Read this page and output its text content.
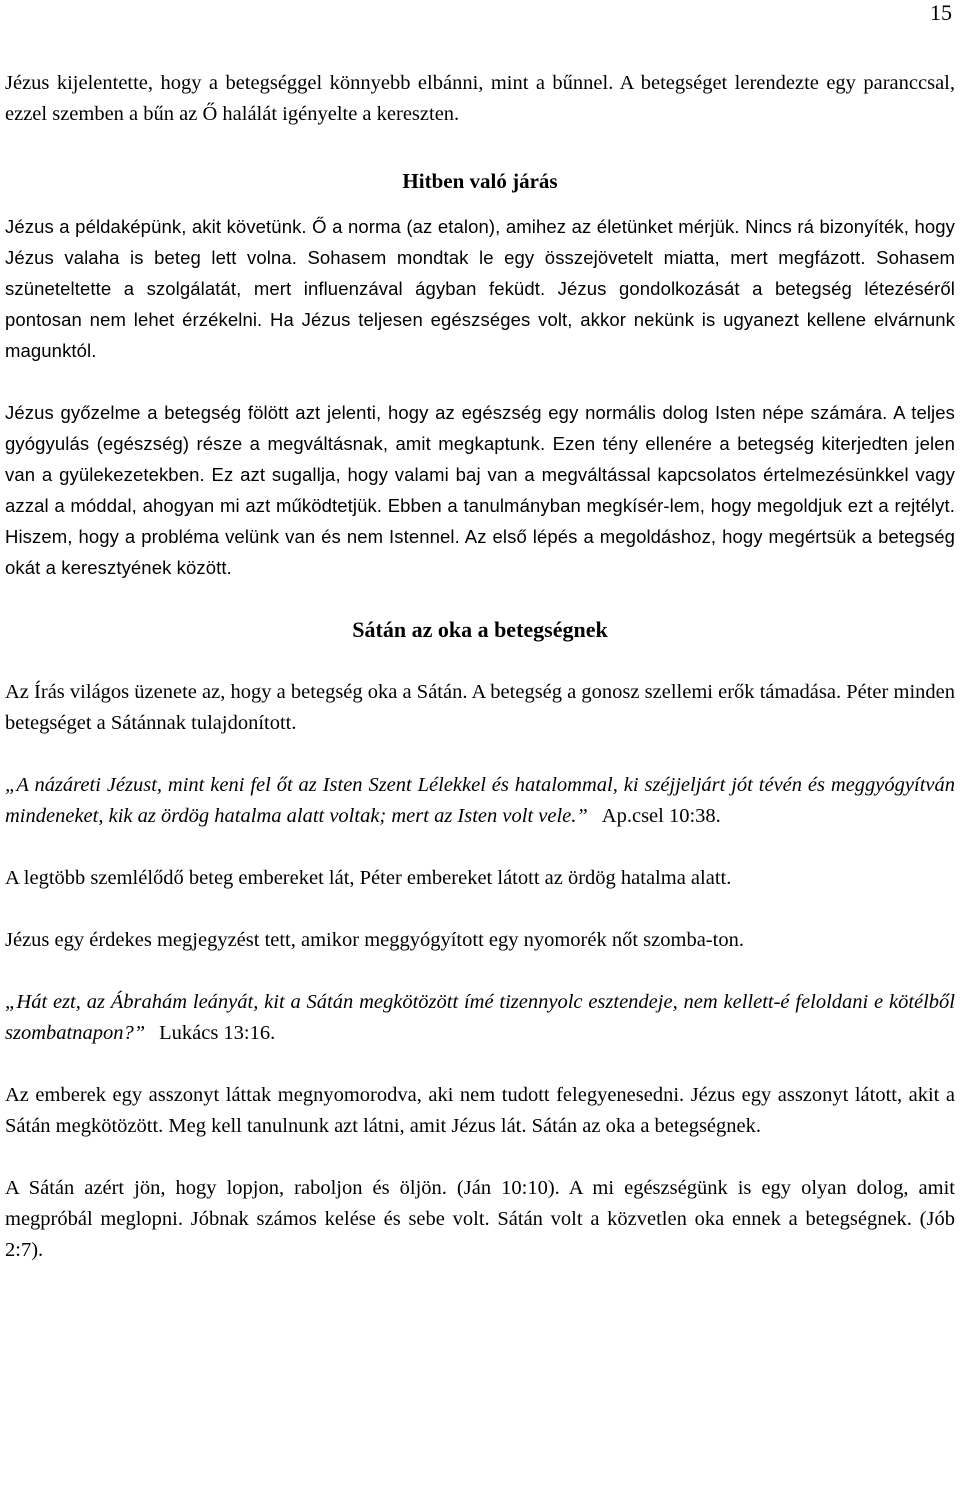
15

Jézus kijelentette, hogy a betegséggel könnyebb elbánni, mint a bűnnel. A betegséget lerendezte egy paranccsal, ezzel szemben a bűn az Ő halálát igényelte a kereszten.

Hitben való járás

Jézus a példaképünk, akit követünk. Ő a norma (az etalon), amihez az életünket mérjük. Nincs rá bizonyíték, hogy Jézus valaha is beteg lett volna. Sohasem mondtak le egy összejövetelt miatta, mert megfázott. Sohasem szüneteltette a szolgálatát, mert influenzával ágyban feküdt. Jézus gondolkozását a betegség létezéséről pontosan nem lehet érzékelni. Ha Jézus teljesen egészséges volt, akkor nekünk is ugyanezt kellene elvárnunk magunktól.

Jézus győzelme a betegség fölött azt jelenti, hogy az egészség egy normális dolog Isten népe számára. A teljes gyógyulás (egészség) része a megváltásnak, amit megkaptunk. Ezen tény ellenére a betegség kiterjedten jelen van a gyülekezetekben. Ez azt sugallja, hogy valami baj van a megváltással kapcsolatos értelmezésünkkel vagy azzal a móddal, ahogyan mi azt működtetjük. Ebben a tanulmányban megkísér-lem, hogy megoldjuk ezt a rejtélyt. Hiszem, hogy a probléma velünk van és nem Istennel. Az első lépés a megoldáshoz, hogy megértsük a betegség okát a keresztyének között.

Sátán az oka a betegségnek

Az Írás világos üzenete az, hogy a betegség oka a Sátán. A betegség a gonosz szellemi erők támadása. Péter minden betegséget a Sátánnak tulajdonított.

„A názáreti Jézust, mint keni fel őt az Isten Szent Lélekkel és hatalommal, ki széjjeljárt jót tévén és meggyógyítván mindeneket, kik az ördög hatalma alatt voltak; mert az Isten volt vele.” Ap.csel 10:38.

A legtöbb szemlélődő beteg embereket lát, Péter embereket látott az ördög hatalma alatt.

Jézus egy érdekes megjegyzést tett, amikor meggyógyított egy nyomorék nőt szomba-ton.

„Hát ezt, az Ábrahám leányát, kit a Sátán megkötözött ímé tizennyolc esztendeje, nem kellett-é feloldani e kötélből szombatnapon?” Lukács 13:16.

Az emberek egy asszonyt láttak megnyomorodva, aki nem tudott felegyenesedni. Jézus egy asszonyt látott, akit a Sátán megkötözött. Meg kell tanulnunk azt látni, amit Jézus lát. Sátán az oka a betegségnek.

A Sátán azért jön, hogy lopjon, raboljon és öljön. (Ján 10:10). A mi egészségünk is egy olyan dolog, amit megpróbál meglopni. Jóbnak számos kelése és sebe volt. Sátán volt a közvetlen oka ennek a betegségnek. (Jób 2:7).
